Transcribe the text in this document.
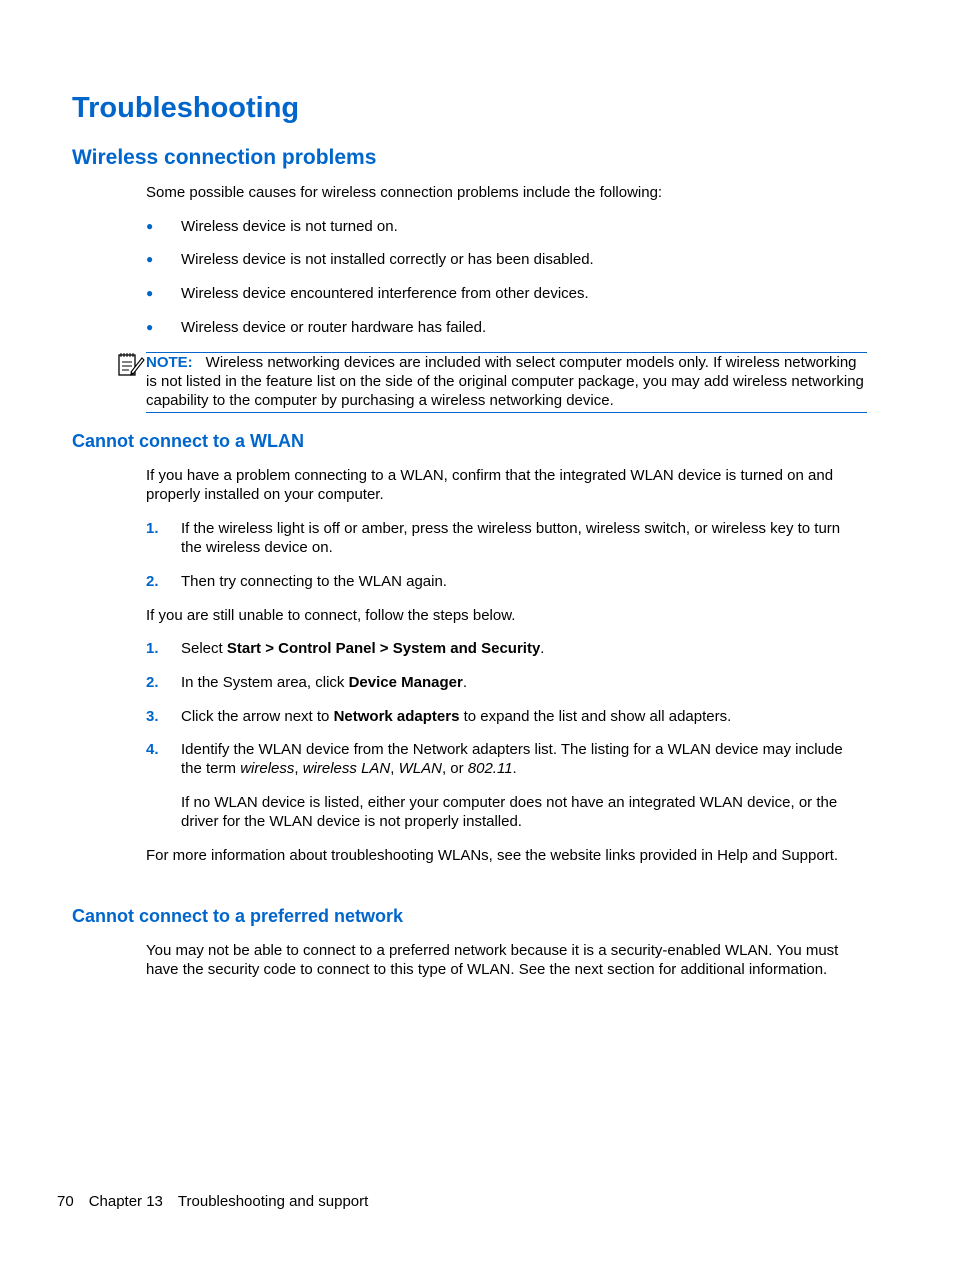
Troubleshooting
Wireless connection problems

Some possible causes for wireless connection problems include the following:

● Wireless device is not turned on.
● Wireless device is not installed correctly or has been disabled.
● Wireless device encountered interference from other devices.
● Wireless device or router hardware has failed.
NOTE: Wireless networking devices are included with select computer models only. If wireless networking is not listed in the feature list on the side of the original computer package, you may add wireless networking capability to the computer by purchasing a wireless networking device.
Cannot connect to a WLAN

If you have a problem connecting to a WLAN, confirm that the integrated WLAN device is turned on and properly installed on your computer.

1. If the wireless light is off or amber, press the wireless button, wireless switch, or wireless key to turn the wireless device on.
2. Then try connecting to the WLAN again.

If you are still unable to connect, follow the steps below.

1. Select Start > Control Panel > System and Security.
2. In the System area, click Device Manager.
3. Click the arrow next to Network adapters to expand the list and show all adapters.
4. Identify the WLAN device from the Network adapters list. The listing for a WLAN device may include the term wireless, wireless LAN, WLAN, or 802.11.
If no WLAN device is listed, either your computer does not have an integrated WLAN device, or the driver for the WLAN device is not properly installed.

For more information about troubleshooting WLANs, see the website links provided in Help and Support.

Cannot connect to a preferred network

You may not be able to connect to a preferred network because it is a security-enabled WLAN. You must have the security code to connect to this type of WLAN. See the next section for additional information.

70 Chapter 13 Troubleshooting and support
